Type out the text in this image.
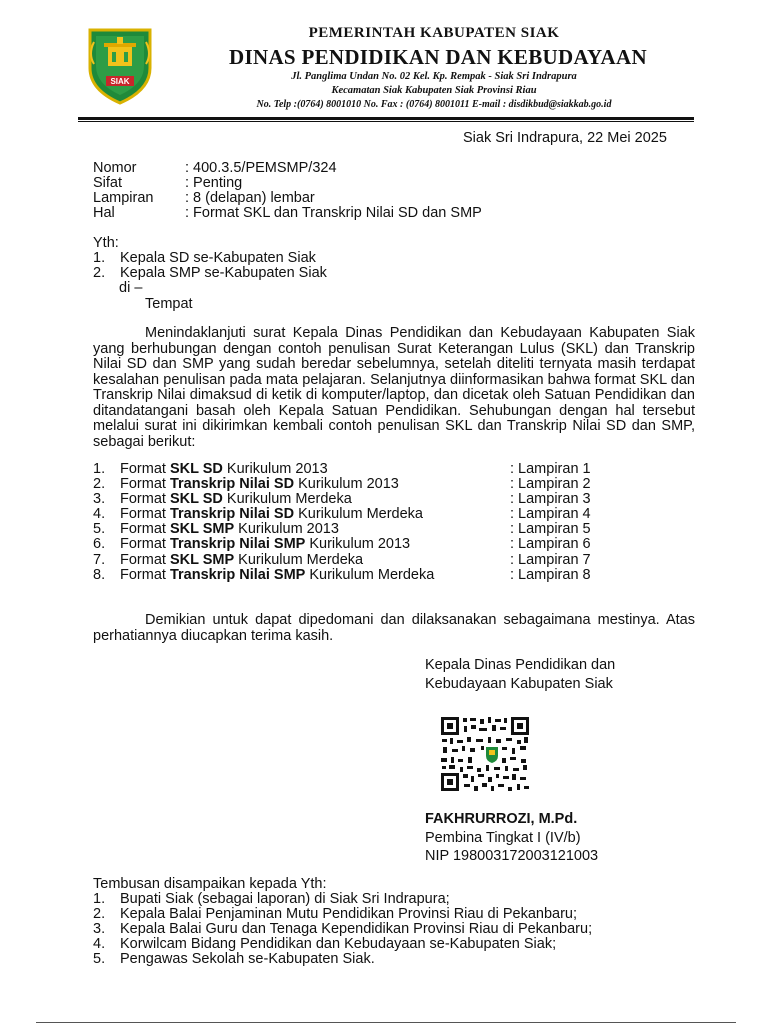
SIAK
PEMERINTAH KABUPATEN SIAK
DINAS PENDIDIKAN DAN KEBUDAYAAN
Jl. Panglima Undan No. 02 Kel. Kp. Rempak - Siak Sri Indrapura
Kecamatan Siak Kabupaten Siak Provinsi Riau
No. Telp :(0764) 8001010 No. Fax : (0764) 8001011 E-mail : disdikbud@siakkab.go.id
Siak Sri Indrapura, 22 Mei 2025
Nomor	: 400.3.5/PEMSMP/324
Sifat	: Penting
Lampiran : 8 (delapan) lembar
Hal	: Format SKL dan Transkrip Nilai SD dan SMP
Yth:
1. Kepala SD se-Kabupaten Siak
2. Kepala SMP se-Kabupaten Siak
di –
Tempat
Menindaklanjuti surat Kepala Dinas Pendidikan dan Kebudayaan Kabupaten Siak yang berhubungan dengan contoh penulisan Surat Keterangan Lulus (SKL) dan Transkrip Nilai SD dan SMP yang sudah beredar sebelumnya, setelah diteliti ternyata masih terdapat kesalahan penulisan pada mata pelajaran. Selanjutnya diinformasikan bahwa format SKL dan Transkrip Nilai dimaksud di ketik di komputer/laptop, dan dicetak oleh Satuan Pendidikan dan ditandatangani basah oleh Kepala Satuan Pendidikan. Sehubungan dengan hal tersebut melalui surat ini dikirimkan kembali contoh penulisan SKL dan Transkrip Nilai SD dan SMP, sebagai berikut:
1. Format SKL SD Kurikulum 2013	: Lampiran 1
2. Format Transkrip Nilai SD Kurikulum 2013	: Lampiran 2
3. Format SKL SD Kurikulum Merdeka	: Lampiran 3
4. Format Transkrip Nilai SD Kurikulum Merdeka	: Lampiran 4
5. Format SKL SMP Kurikulum 2013	: Lampiran 5
6. Format Transkrip Nilai SMP Kurikulum 2013	: Lampiran 6
7. Format SKL SMP Kurikulum Merdeka	: Lampiran 7
8. Format Transkrip Nilai SMP Kurikulum Merdeka	: Lampiran 8
Demikian untuk dapat dipedomani dan dilaksanakan sebagaimana mestinya. Atas perhatiannya diucapkan terima kasih.
Kepala Dinas Pendidikan dan
Kebudayaan Kabupaten Siak
FAKHRURROZI, M.Pd.
Pembina Tingkat I (IV/b)
NIP 198003172003121003
Tembusan disampaikan kepada Yth:
1. Bupati Siak (sebagai laporan) di Siak Sri Indrapura;
2. Kepala Balai Penjaminan Mutu Pendidikan Provinsi Riau di Pekanbaru;
3. Kepala Balai Guru dan Tenaga Kependidikan Provinsi Riau di Pekanbaru;
4. Korwilcam Bidang Pendidikan dan Kebudayaan se-Kabupaten Siak;
5. Pengawas Sekolah se-Kabupaten Siak.
